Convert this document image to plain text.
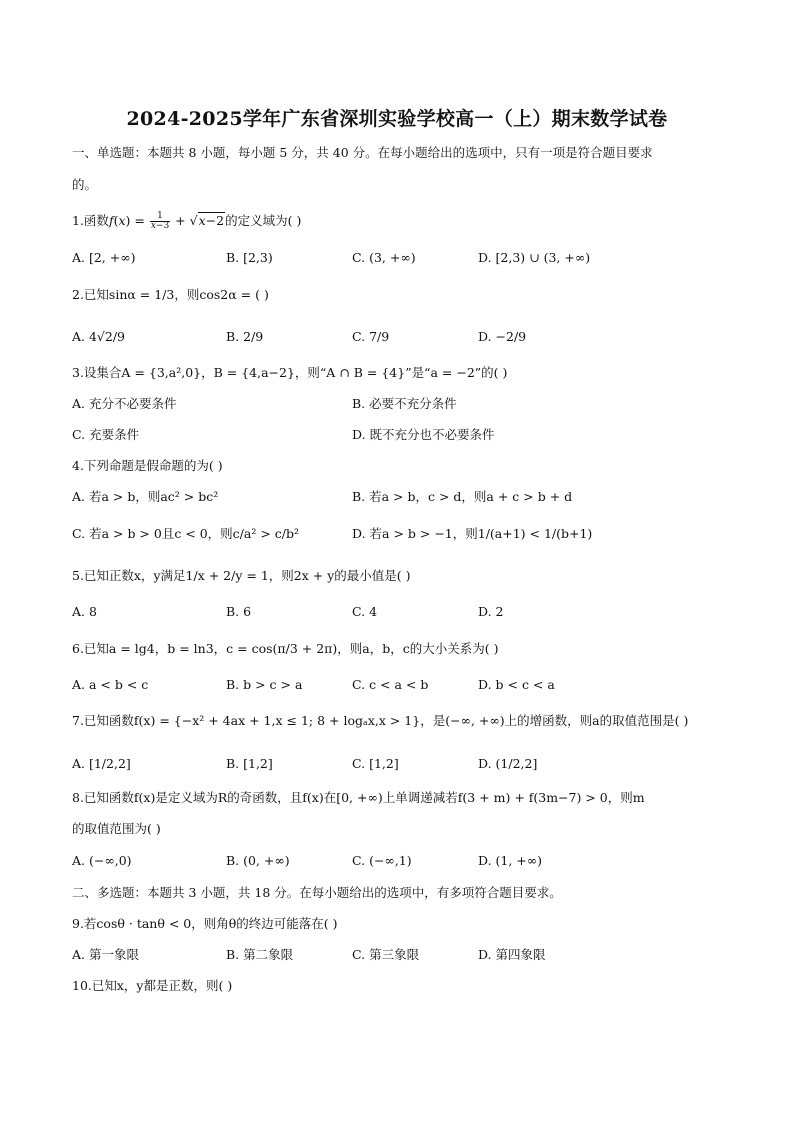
2024-2025学年广东省深圳实验学校高一（上）期末数学试卷
一、单选题：本题共 8 小题，每小题 5 分，共 40 分。在每小题给出的选项中，只有一项是符合题目要求
的。
1.函数$f(x) = \frac{1}{x-3} + √x-2$的定义域为( )
A. [2, +∞)	B. [2,3)	C. (3, +∞)	D. [2,3) ∪ (3, +∞)
2.已知sinα = 1/3，则cos2α = ( )
A. 4√2/9	B. 2/9	C. 7/9	D. −2/9
3.设集合A = {3,a²,0}，B = {4,a−2}，则“A ∩ B = {4}”是“a = −2”的( )
A. 充分不必要条件	B. 必要不充分条件
C. 充要条件	D. 既不充分也不必要条件
4.下列命题是假命题的为( )
A. 若a > b，则ac² > bc²	B. 若a > b，c > d，则a + c > b + d
C. 若a > b > 0且c < 0，则c/a² > c/b²	D. 若a > b > −1，则1/(a+1) < 1/(b+1)
5.已知正数x，y满足1/x + 2/y = 1，则2x + y的最小值是( )
A. 8	B. 6	C. 4	D. 2
6.已知a = lg4，b = ln3，c = cos(π/3 + 2π)，则a，b，c的大小关系为( )
A. a < b < c	B. b > c > a	C. c < a < b	D. b < c < a
7.已知函数f(x) = {−x² + 4ax + 1,x ≤ 1; 8 + logₐx,x > 1}，是(−∞, +∞)上的增函数，则a的取值范围是( )
A. [1/2,2]	B. [1,2]	C. [1,2]	D. (1/2,2]
8.已知函数f(x)是定义域为R的奇函数，且f(x)在[0, +∞)上单调递减若f(3 + m) + f(3m−7) > 0，则m
的取值范围为( )
A. (−∞,0)	B. (0, +∞)	C. (−∞,1)	D. (1, +∞)
二、多选题：本题共 3 小题，共 18 分。在每小题给出的选项中，有多项符合题目要求。
9.若cosθ · tanθ < 0，则角θ的终边可能落在( )
A. 第一象限	B. 第二象限	C. 第三象限	D. 第四象限
10.已知x，y都是正数，则( )
